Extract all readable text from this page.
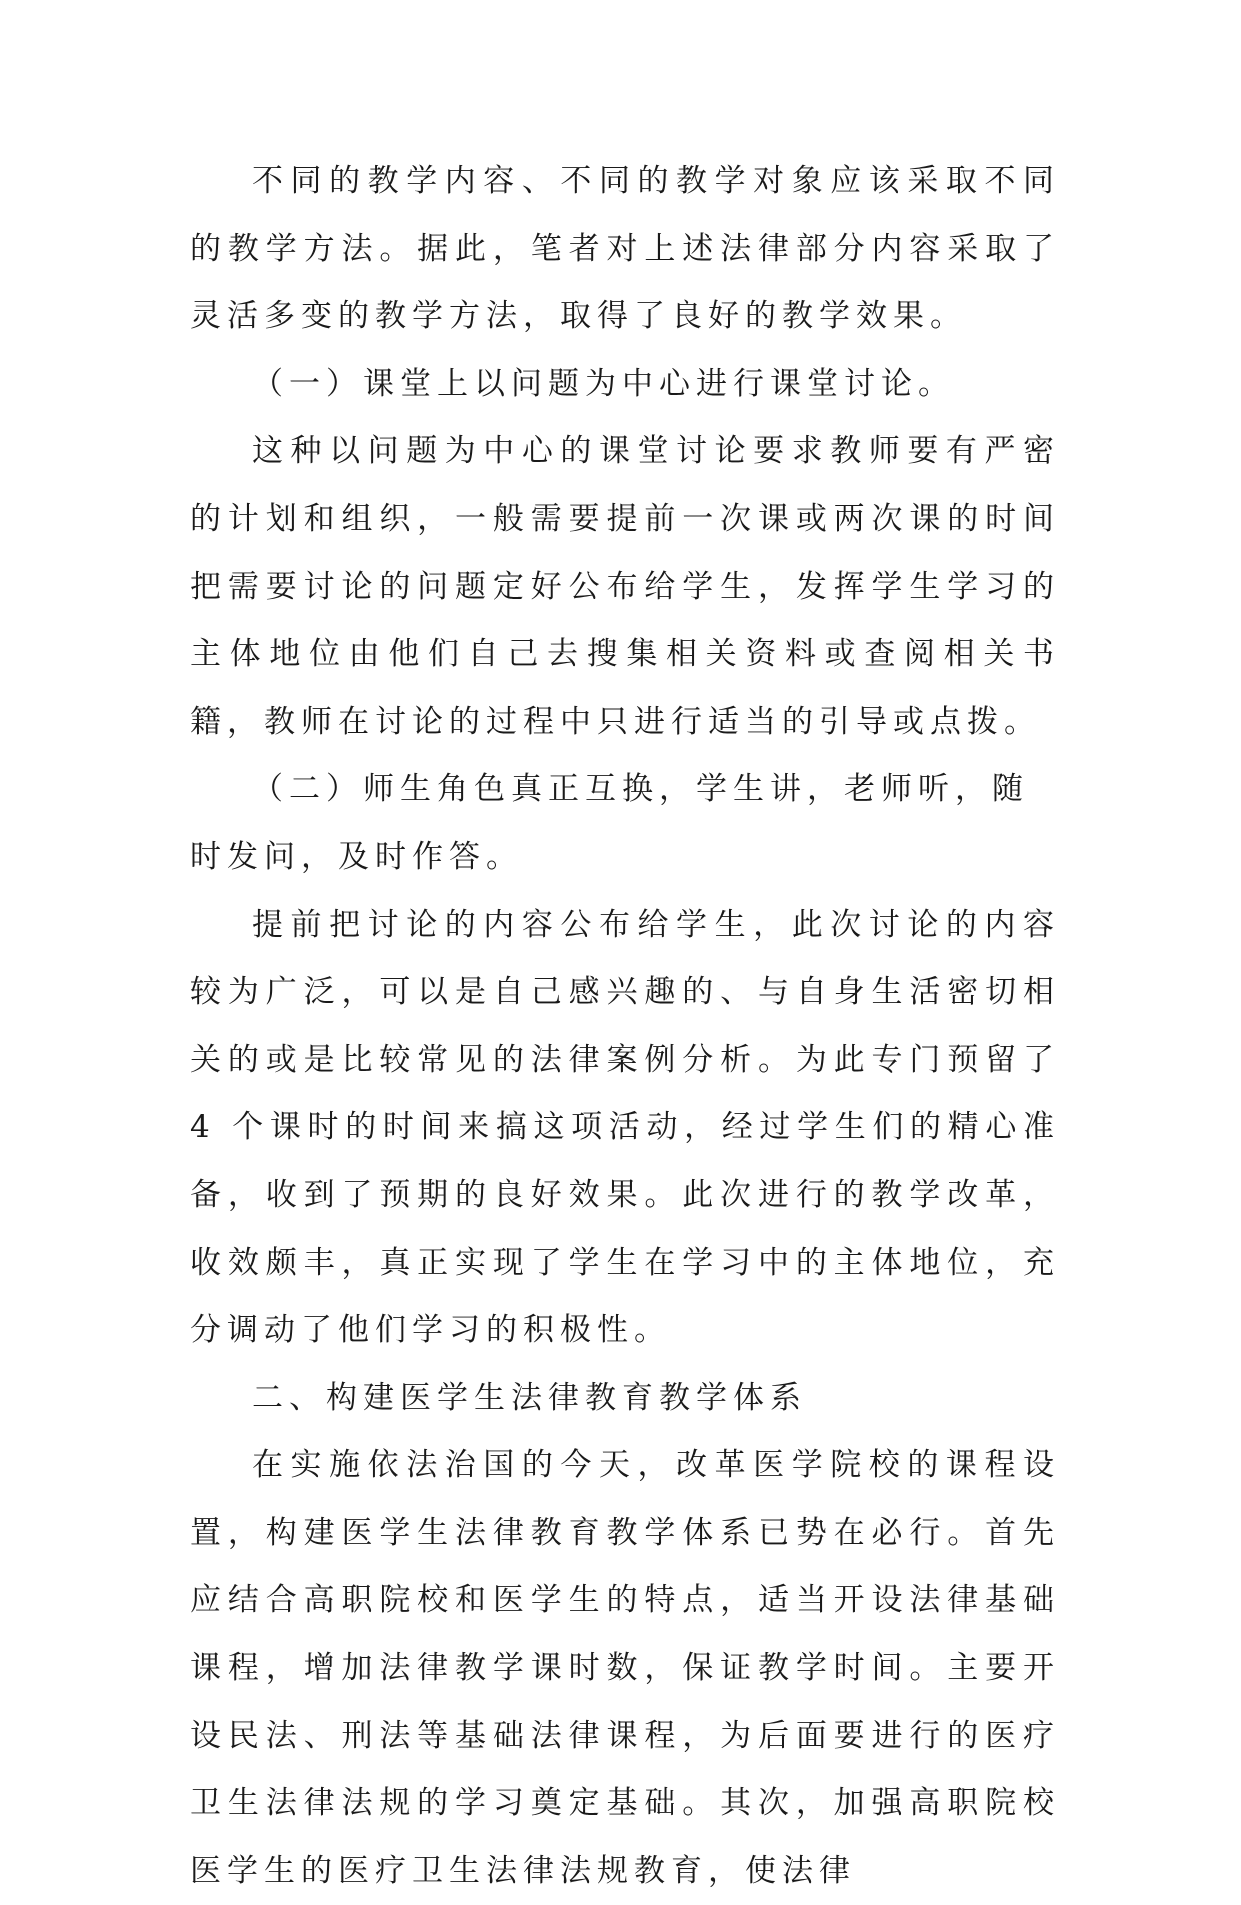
不同的教学内容、不同的教学对象应该采取不同的教学方法。据此，笔者对上述法律部分内容采取了灵活多变的教学方法，取得了良好的教学效果。

（一）课堂上以问题为中心进行课堂讨论。

这种以问题为中心的课堂讨论要求教师要有严密的计划和组织，一般需要提前一次课或两次课的时间把需要讨论的问题定好公布给学生，发挥学生学习的主体地位由他们自己去搜集相关资料或查阅相关书籍，教师在讨论的过程中只进行适当的引导或点拨。

（二）师生角色真正互换，学生讲，老师听，随时发问，及时作答。

提前把讨论的内容公布给学生，此次讨论的内容较为广泛，可以是自己感兴趣的、与自身生活密切相关的或是比较常见的法律案例分析。为此专门预留了 4 个课时的时间来搞这项活动，经过学生们的精心准备，收到了预期的良好效果。此次进行的教学改革，收效颇丰，真正实现了学生在学习中的主体地位，充分调动了他们学习的积极性。

二、构建医学生法律教育教学体系

在实施依法治国的今天，改革医学院校的课程设置，构建医学生法律教育教学体系已势在必行。首先应结合高职院校和医学生的特点，适当开设法律基础课程，增加法律教学课时数，保证教学时间。主要开设民法、刑法等基础法律课程，为后面要进行的医疗卫生法律法规的学习奠定基础。其次，加强高职院校医学生的医疗卫生法律法规教育，使法律
